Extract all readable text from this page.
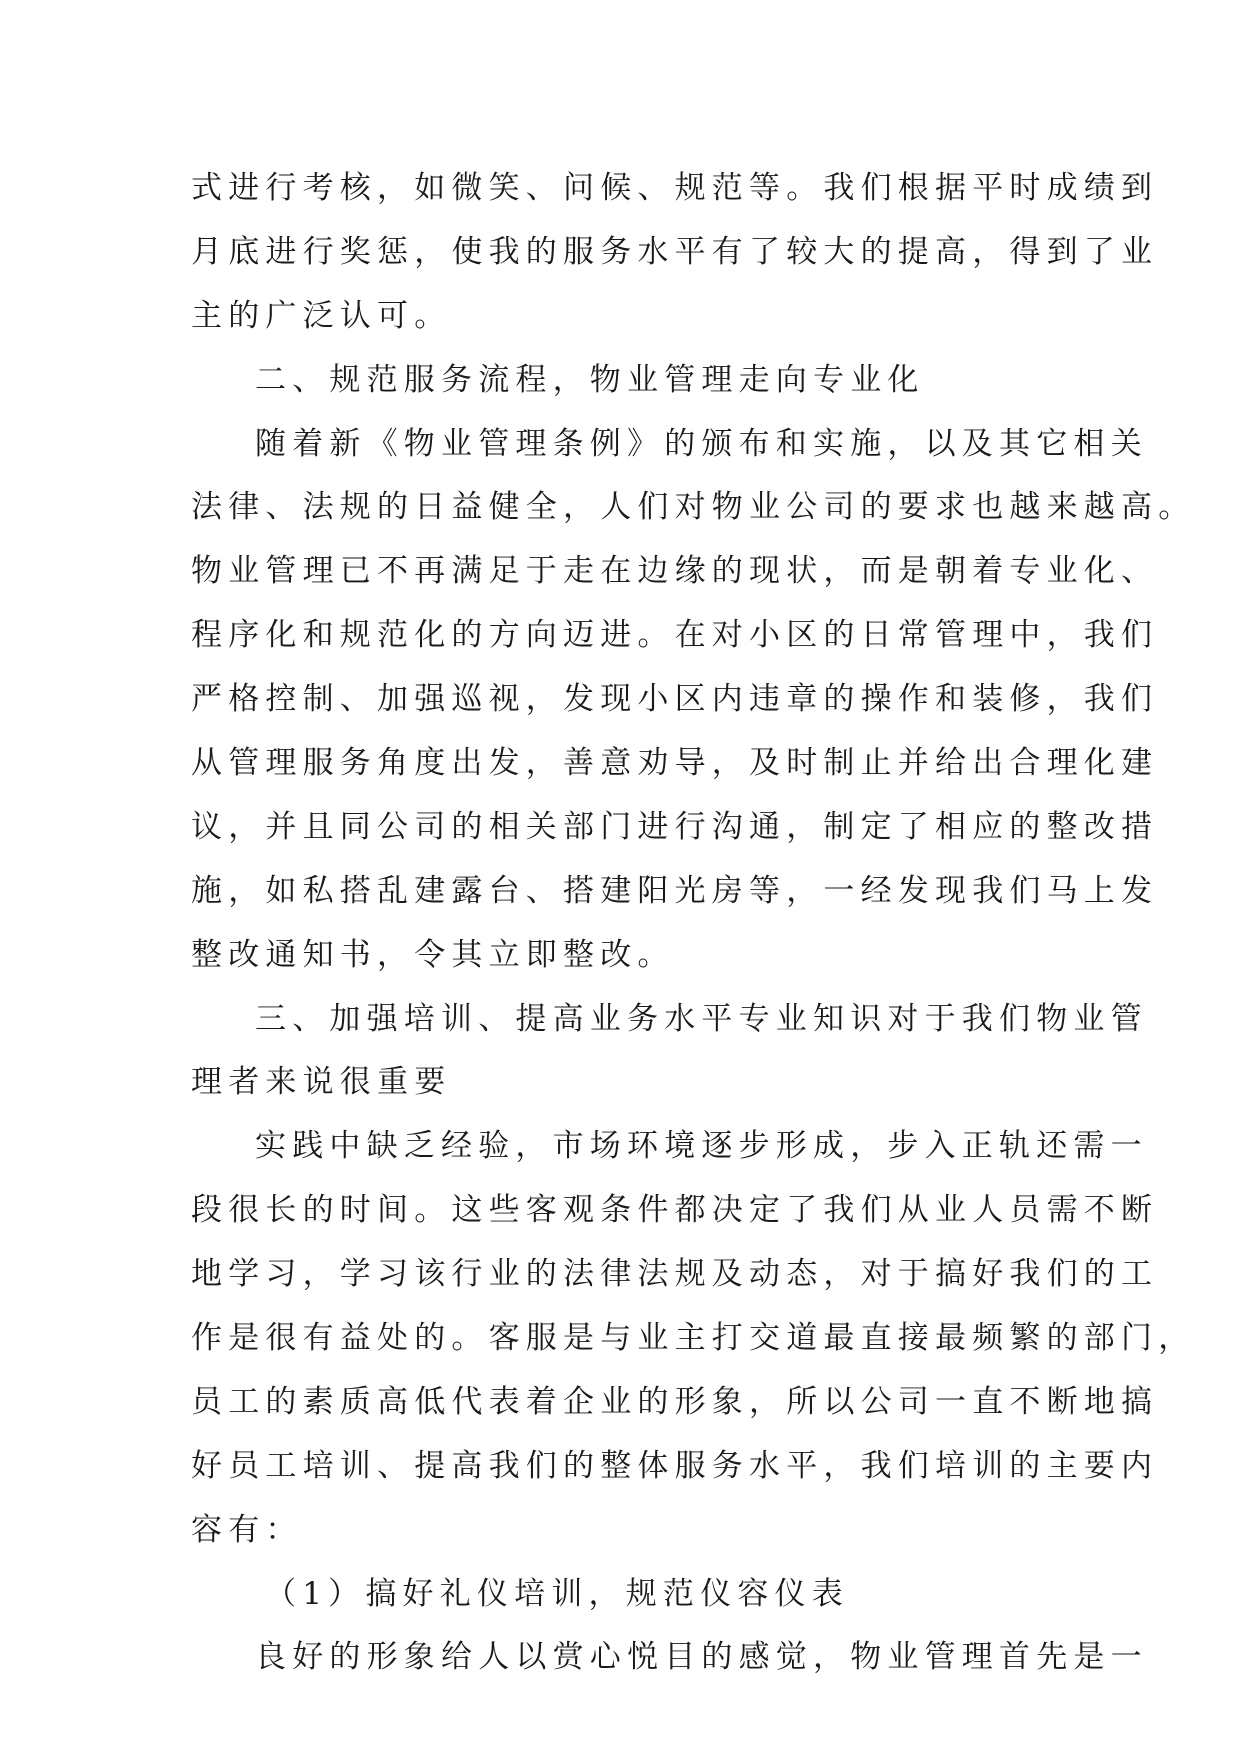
式进行考核，如微笑、问候、规范等。我们根据平时成绩到
月底进行奖惩，使我的服务水平有了较大的提高，得到了业
主的广泛认可。
二、规范服务流程，物业管理走向专业化
随着新《物业管理条例》的颁布和实施，以及其它相关
法律、法规的日益健全，人们对物业公司的要求也越来越高。
物业管理已不再满足于走在边缘的现状，而是朝着专业化、
程序化和规范化的方向迈进。在对小区的日常管理中，我们
严格控制、加强巡视，发现小区内违章的操作和装修，我们
从管理服务角度出发，善意劝导，及时制止并给出合理化建
议，并且同公司的相关部门进行沟通，制定了相应的整改措
施，如私搭乱建露台、搭建阳光房等，一经发现我们马上发
整改通知书，令其立即整改。
三、加强培训、提高业务水平专业知识对于我们物业管
理者来说很重要
实践中缺乏经验，市场环境逐步形成，步入正轨还需一
段很长的时间。这些客观条件都决定了我们从业人员需不断
地学习，学习该行业的法律法规及动态，对于搞好我们的工
作是很有益处的。客服是与业主打交道最直接最频繁的部门，
员工的素质高低代表着企业的形象，所以公司一直不断地搞
好员工培训、提高我们的整体服务水平，我们培训的主要内
容有：
（1）搞好礼仪培训，规范仪容仪表
良好的形象给人以赏心悦目的感觉，物业管理首先是一
